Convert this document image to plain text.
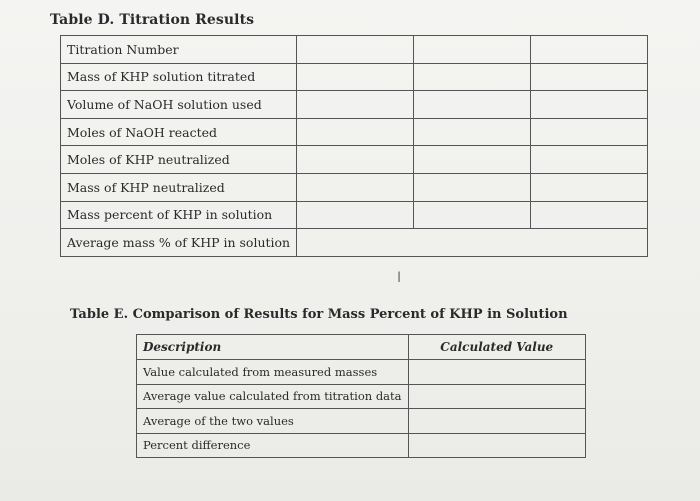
Table D. Titration Results
Titration Number			
Mass of KHP solution titrated			
Volume of NaOH solution used			
Moles of NaOH reacted			
Moles of KHP neutralized			
Mass of KHP neutralized			
Mass percent of KHP in solution			
Average mass % of KHP in solution			
I
Table E. Comparison of Results for Mass Percent of KHP in Solution
Description	Calculated Value
Value calculated from measured masses	
Average value calculated from titration data	
Average of the two values	
Percent difference	
